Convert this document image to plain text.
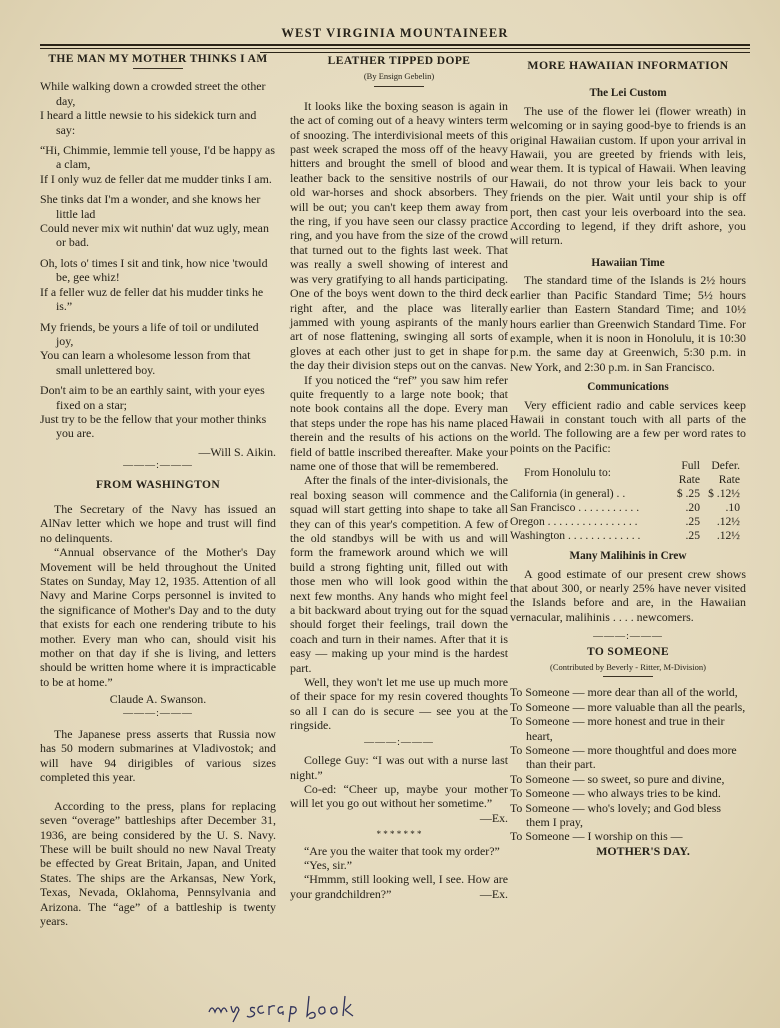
WEST VIRGINIA MOUNTAINEER

THE MAN MY MOTHER THINKS I AM

While walking down a crowded street the other day,

I heard a little newsie to his sidekick turn and say:

“Hi, Chimmie, lemmie tell youse, I'd be happy as a clam,

If I only wuz de feller dat me mudder tinks I am.

She tinks dat I'm a wonder, and she knows her little lad

Could never mix wit nuthin' dat wuz ugly, mean or bad.

Oh, lots o' times I sit and tink, how nice 'twould be, gee whiz!

If a feller wuz de feller dat his mudder tinks he is.”

My friends, be yours a life of toil or undiluted joy,

You can learn a wholesome lesson from that small unlettered boy.

Don't aim to be an earthly saint, with your eyes fixed on a star;

Just try to be the fellow that your mother thinks you are.

—Will S. Aikin.

———:———

FROM WASHINGTON

The Secretary of the Navy has issued an AlNav letter which we hope and trust will find no delinquents.

“Annual observance of the Mother's Day Movement will be held throughout the United States on Sunday, May 12, 1935. Attention of all Navy and Marine Corps personnel is invited to the significance of Mother's Day and to the duty that exists for each one rendering tribute to his mother. Every man who can, should visit his mother on that day if she is living, and letters should be written home where it is impracticable to be at home.”

Claude A. Swanson.

———:———

The Japanese press asserts that Russia now has 50 modern submarines at Vladivostok; and will have 94 dirigibles of various sizes completed this year.

According to the press, plans for replacing seven “overage” battleships after December 31, 1936, are being considered by the U. S. Navy. These will be built should no new Naval Treaty be effected by Great Britain, Japan, and United States. The ships are the Arkansas, New York, Texas, Nevada, Oklahoma, Pennsylvania and Arizona. The “age” of a battleship is twenty years.

LEATHER TIPPED DOPE

(By Ensign Gebelin)

It looks like the boxing season is again in the act of coming out of a heavy winters term of snoozing. The interdivisional meets of this past week scraped the moss off of the heavy hitters and brought the smell of blood and leather back to the sensitive nostrils of our old war-horses and shock absorbers. They will be out; you can't keep them away from the ring, if you have seen our classy practice ring, and you have from the size of the crowd that turned out to the fights last week. That was really a swell showing of interest and was very gratifying to all hands participating. One of the boys went down to the third deck right after, and the place was literally jammed with young aspirants of the manly art of nose flattening, swinging all sorts of gloves at each other just to get in shape for the day their division steps out on the canvas.

If you noticed the “ref” you saw him refer quite frequently to a large note book; that note book contains all the dope. Every man that steps under the rope has his name placed therein and the results of his actions on the field of battle inscribed thereafter. Make your name one of those that will be remembered.

After the finals of the inter-divisionals, the real boxing season will commence and the squad will start getting into shape to take all they can of this year's competition. A few of the old standbys will be with us and will form the framework around which we will build a strong fighting unit, filled out with those men who will look good within the next few months. Any hands who might feel a bit backward about trying out for the squad should forget their feelings, trail down the coach and turn in their names. After that it is easy — making up your mind is the hardest part.

Well, they won't let me use up much more of their space for my resin covered thoughts so all I can do is secure — see you at the ringside.

———:———

College Guy: “I was out with a nurse last night.”

Co-ed: “Cheer up, maybe your mother will let you go out without her sometime.”

—Ex.

* * * * * * *

“Are you the waiter that took my order?”

“Yes, sir.”

“Hmmm, still looking well, I see. How are your grandchildren?”	—Ex.

MORE HAWAIIAN INFORMATION

The Lei Custom

The use of the flower lei (flower wreath) in welcoming or in saying good-bye to friends is an original Hawaiian custom. If upon your arrival in Hawaii, you are greeted by friends with leis, wear them. It is typical of Hawaii. When leaving Hawaii, do not throw your leis back to your friends on the pier. Wait until your ship is off port, then cast your leis overboard into the sea. According to legend, if they drift ashore, you will return.

Hawaiian Time

The standard time of the Islands is 2½ hours earlier than Pacific Standard Time; 5½ hours earlier than Eastern Standard Time; and 10½ hours earlier than Greenwich Standard Time. For example, when it is noon in Honolulu, it is 10:30 p.m. the same day at Greenwich, 5:30 p.m. in New York, and 2:30 p.m. in San Francisco.

Communications

Very efficient radio and cable services keep Hawaii in constant touch with all parts of the world. The following are a few per word rates to points on the Pacific:

From Honolulu to:	Full Rate	Defer. Rate
California (in general) . .	$ .25	$ .12½
San Francisco . . . . . . . . . . .	.20	.10
Oregon . . . . . . . . . . . . . . . .	.25	.12½
Washington . . . . . . . . . . . . .	.25	.12½

Many Malihinis in Crew

A good estimate of our present crew shows that about 300, or nearly 25% have never visited the Islands before and are, in the Hawaiian vernacular, malihinis . . . . newcomers.

———:———

TO SOMEONE

(Contributed by Beverly - Ritter, M-Division)

To Someone — more dear than all of the world,

To Someone — more valuable than all the pearls,

To Someone — more honest and true in their heart,

To Someone — more thoughtful and does more than their part.

To Someone — so sweet, so pure and divine,

To Someone — who always tries to be kind.

To Someone — who's lovely; and God bless them I pray,

To Someone — I worship on this —

MOTHER'S DAY.
